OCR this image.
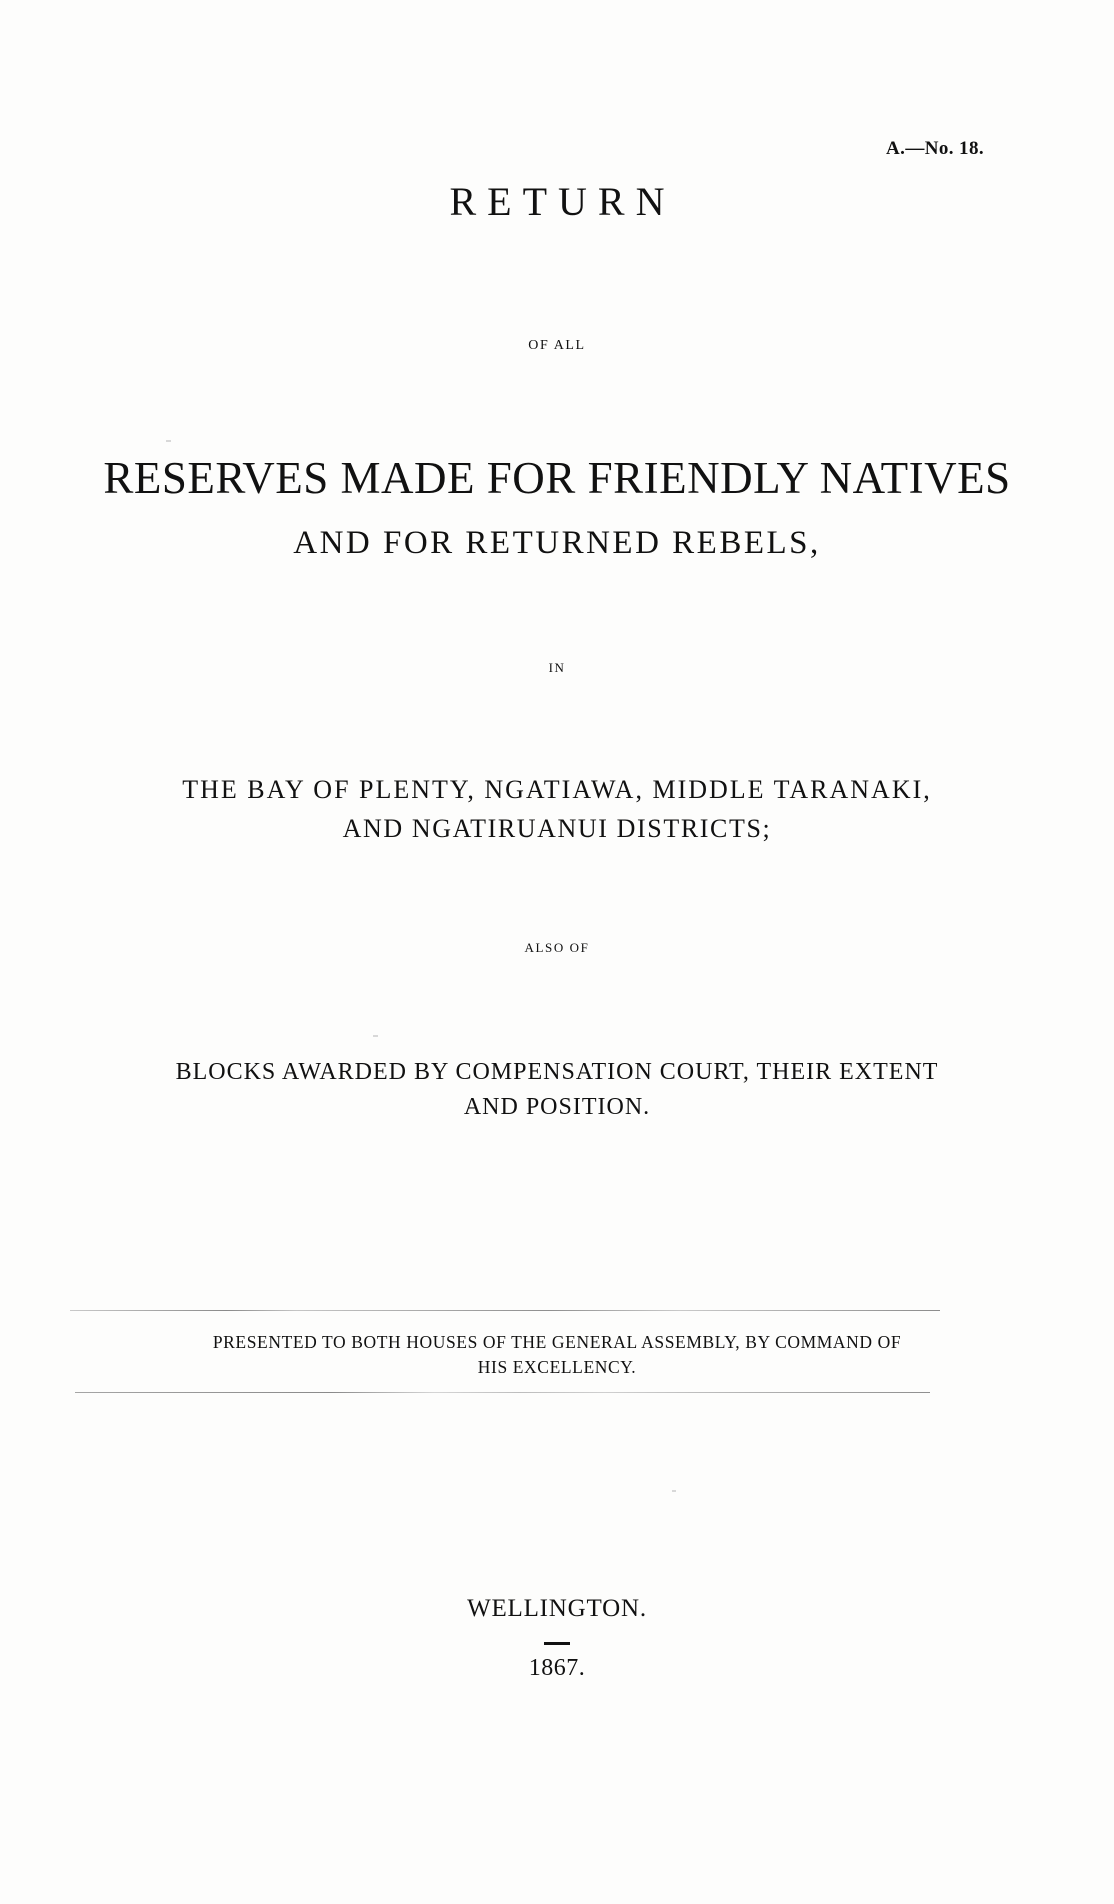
A.—No. 18.
RETURN
OF ALL
RESERVES MADE FOR FRIENDLY NATIVES
AND FOR RETURNED REBELS,
IN
THE BAY OF PLENTY, NGATIAWA, MIDDLE TARANAKI,
AND NGATIRUANUI DISTRICTS;
ALSO OF
BLOCKS AWARDED BY COMPENSATION COURT, THEIR EXTENT
AND POSITION.
PRESENTED TO BOTH HOUSES OF THE GENERAL ASSEMBLY, BY COMMAND OF
HIS EXCELLENCY.
WELLINGTON.
1867.
